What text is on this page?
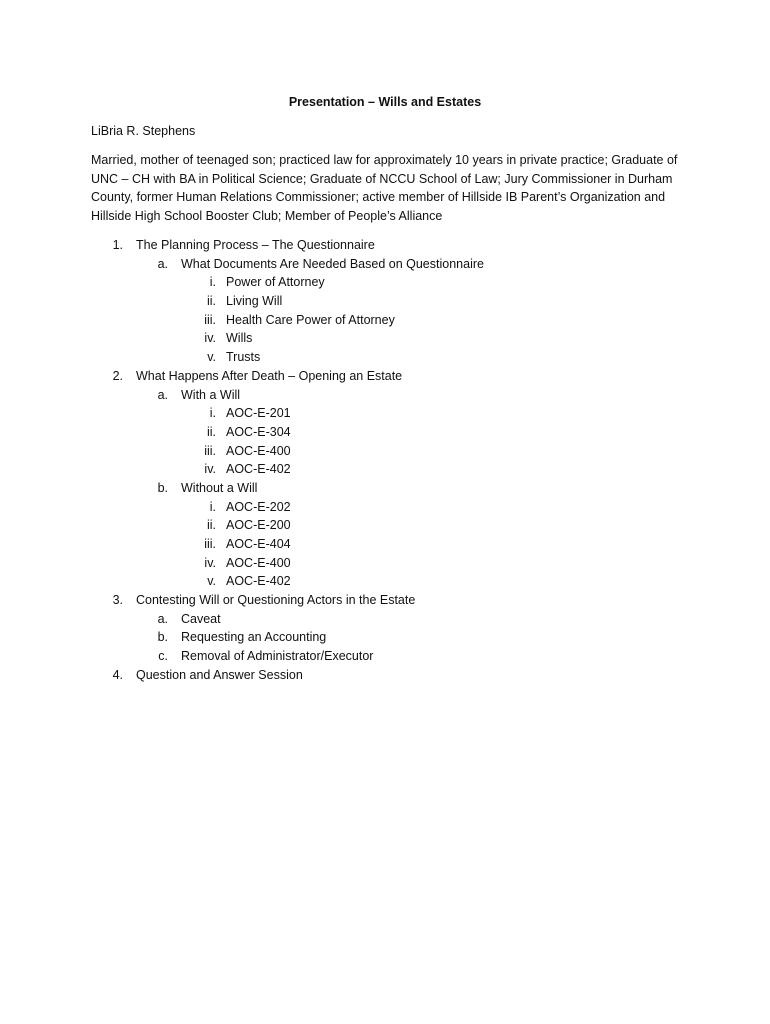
Presentation – Wills and Estates
LiBria R. Stephens
Married, mother of teenaged son; practiced law for approximately 10 years in private practice; Graduate of UNC – CH with BA in Political Science; Graduate of NCCU School of Law; Jury Commissioner in Durham County, former Human Relations Commissioner; active member of Hillside IB Parent’s Organization and Hillside High School Booster Club; Member of People’s Alliance
1. The Planning Process – The Questionnaire
a. What Documents Are Needed Based on Questionnaire
i. Power of Attorney
ii. Living Will
iii. Health Care Power of Attorney
iv. Wills
v. Trusts
2. What Happens After Death – Opening an Estate
a. With a Will
i. AOC-E-201
ii. AOC-E-304
iii. AOC-E-400
iv. AOC-E-402
b. Without a Will
i. AOC-E-202
ii. AOC-E-200
iii. AOC-E-404
iv. AOC-E-400
v. AOC-E-402
3. Contesting Will or Questioning Actors in the Estate
a. Caveat
b. Requesting an Accounting
c. Removal of Administrator/Executor
4. Question and Answer Session
